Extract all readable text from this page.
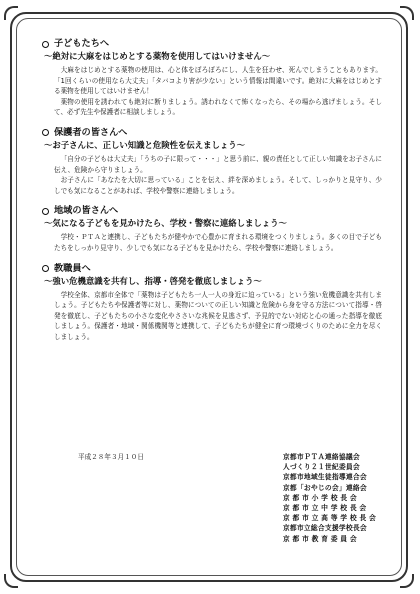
子どもたちへ
～絶対に大麻をはじめとする薬物を使用してはいけません～

大麻をはじめとする薬物の使用は、心と体をぼろぼろにし、人生を狂わせ、死んでしまうこともあります。「1回くらいの使用なら大丈夫」「タバコより害が少ない」という情報は間違いです。絶対に大麻をはじめとする薬物を使用してはいけません！

薬物の使用を誘われても絶対に断りましょう。誘われなくて怖くなったら、その場から逃げましょう。そして、必ず先生や保護者に相談しましょう。

保護者の皆さんへ
～お子さんに、正しい知識と危険性を伝えましょう～

「自分の子どもは大丈夫」「うちの子に限って・・・」と思う前に、親の責任として正しい知識をお子さんに伝え、危険から守りましょう。

お子さんに「あなたを大切に思っている」ことを伝え、絆を深めましょう。そして、しっかりと見守り、少しでも気になることがあれば、学校や警察に連絡しましょう。

地域の皆さんへ
～気になる子どもを見かけたら、学校・警察に連絡しましょう～

学校・ＰＴＡと連携し、子どもたちが健やかで心豊かに育まれる環境をつくりましょう。多くの目で子どもたちをしっかり見守り、少しでも気になる子どもを見かけたら、学校や警察に連絡しましょう。

教職員へ
～強い危機意識を共有し、指導・啓発を徹底しましょう～

学校全体、京都市全体で「薬物は子どもたち一人一人の身近に迫っている」という強い危機意識を共有しましょう。子どもたちや保護者等に対し、薬物についての正しい知識と危険から身を守る方法について指導・啓発を徹底し、子どもたちの小さな変化やささいな兆候を見逃さず、予見的でない対応と心の通った指導を徹底しましょう。保護者・地域・関係機関等と連携して、子どもたちが健全に育つ環境づくりのために全力を尽くしましょう。

平成２８年３月１０日	京都市ＰＴＡ連絡協議会
人づくり２１世紀委員会
京都市地域生徒指導連合会
京都「おやじの会」連絡会
京 都 市 小 学 校 長 会
京 都 市 立 中 学 校 長 会
京 都 市 立 高 等 学 校 長 会
京都市立総合支援学校長会
京 都 市 教 育 委 員 会
